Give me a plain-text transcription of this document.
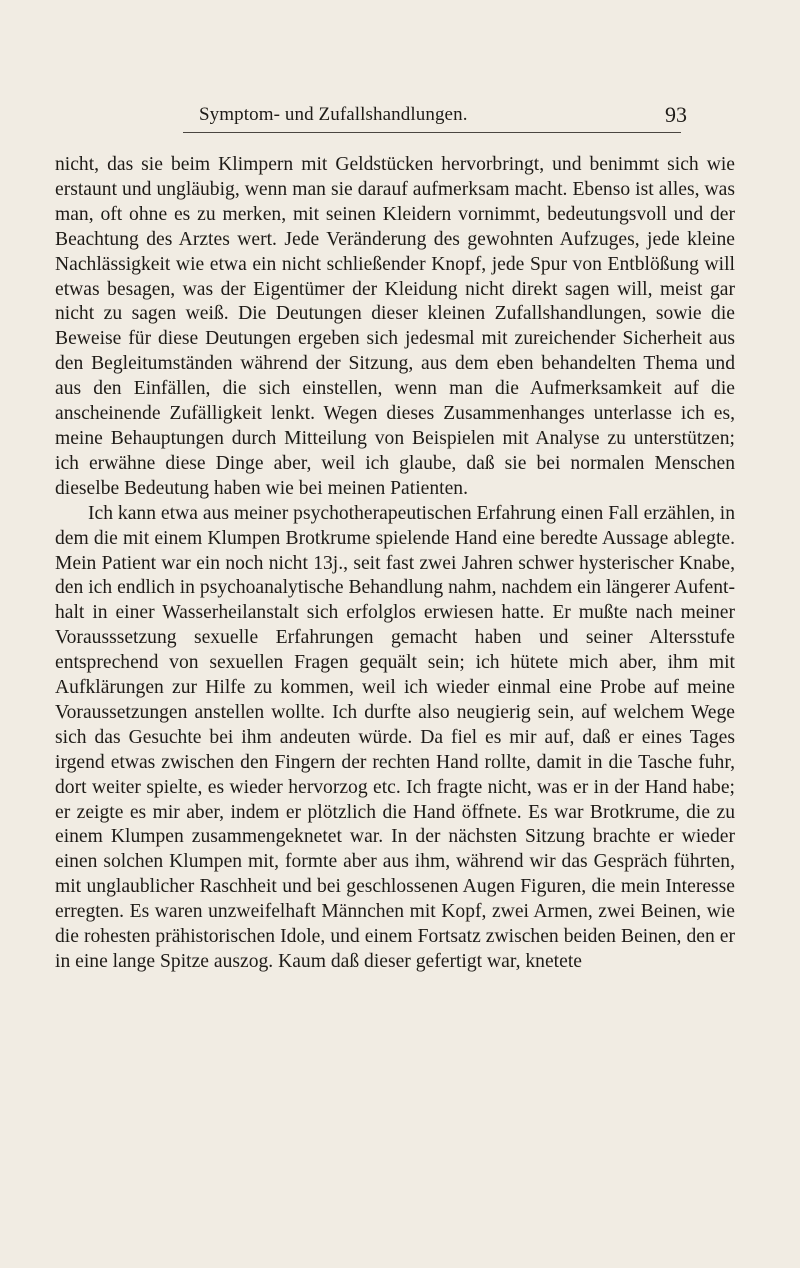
Symptom- und Zufallshandlungen.	93

nicht, das sie beim Klimpern mit Geldstücken hervorbringt, und benimmt sich wie erstaunt und ungläubig, wenn man sie darauf aufmerksam macht. Ebenso ist alles, was man, oft ohne es zu merken, mit seinen Kleidern vornimmt, bedeutungsvoll und der Beachtung des Arztes wert. Jede Veränderung des gewohnten Aufzuges, jede kleine Nachlässigkeit wie etwa ein nicht schließender Knopf, jede Spur von Entblößung will etwas besagen, was der Eigentümer der Kleidung nicht direkt sagen will, meist gar nicht zu sagen weiß. Die Deutungen dieser kleinen Zufallshandlungen, sowie die Beweise für diese Deutungen ergeben sich jedesmal mit zureichender Sicherheit aus den Begleitumständen während der Sitzung, aus dem eben behandelten Thema und aus den Einfällen, die sich einstellen, wenn man die Aufmerksamkeit auf die anscheinende Zufälligkeit lenkt. Wegen dieses Zusammenhanges unterlasse ich es, meine Behauptungen durch Mitteilung von Beispielen mit Analyse zu unterstützen; ich erwähne diese Dinge aber, weil ich glaube, daß sie bei normalen Menschen dieselbe Bedeutung haben wie bei meinen Patienten.

Ich kann etwa aus meiner psychotherapeutischen Erfahrung einen Fall erzählen, in dem die mit einem Klumpen Brotkrume spielende Hand eine beredte Aussage ablegte. Mein Patient war ein noch nicht 13j., seit fast zwei Jahren schwer hysterischer Knabe, den ich endlich in psychoanalytische Behandlung nahm, nachdem ein längerer Aufenthalt in einer Wasserheilanstalt sich erfolglos erwiesen hatte. Er mußte nach meiner Vorausssetzung sexuelle Erfahrungen gemacht haben und seiner Altersstufe entsprechend von sexuellen Fragen gequält sein; ich hütete mich aber, ihm mit Aufklärungen zur Hilfe zu kommen, weil ich wieder einmal eine Probe auf meine Voraussetzungen anstellen wollte. Ich durfte also neugierig sein, auf welchem Wege sich das Gesuchte bei ihm andeuten würde. Da fiel es mir auf, daß er eines Tages irgend etwas zwischen den Fingern der rechten Hand rollte, damit in die Tasche fuhr, dort weiter spielte, es wieder hervorzog etc. Ich fragte nicht, was er in der Hand habe; er zeigte es mir aber, indem er plötzlich die Hand öffnete. Es war Brotkrume, die zu einem Klumpen zusammengeknetet war. In der nächsten Sitzung brachte er wieder einen solchen Klumpen mit, formte aber aus ihm, während wir das Gespräch führten, mit unglaublicher Raschheit und bei geschlossenen Augen Figuren, die mein Interesse erregten. Es waren unzweifelhaft Männchen mit Kopf, zwei Armen, zwei Beinen, wie die rohesten prähistorischen Idole, und einem Fortsatz zwischen beiden Beinen, den er in eine lange Spitze auszog. Kaum daß dieser gefertigt war, knetete
